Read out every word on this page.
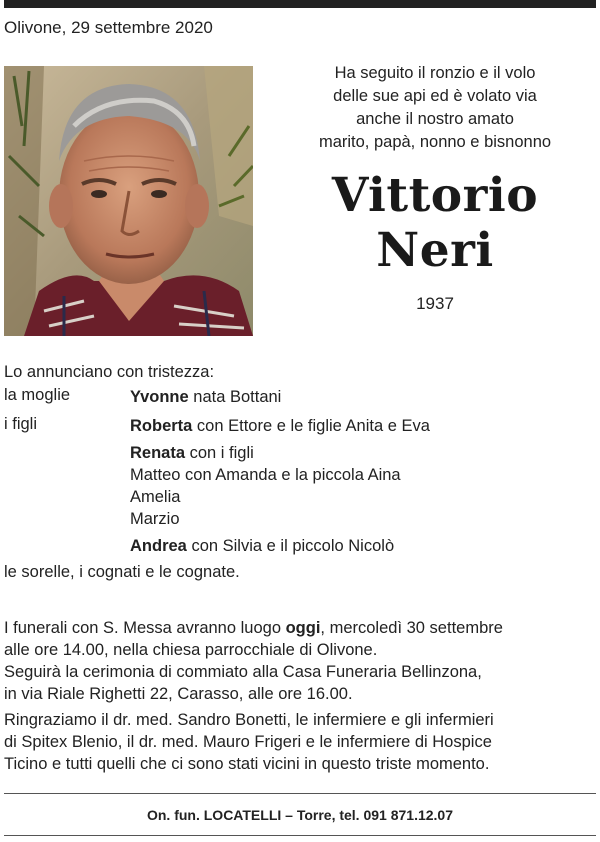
Olivone, 29 settembre 2020
Ha seguito il ronzio e il volo
delle sue api ed è volato via
anche il nostro amato
marito, papà, nonno e bisnonno
Vittorio
Neri
1937
Lo annunciano con tristezza:
la moglie	Yvonne nata Bottani
i figli	Roberta con Ettore e le figlie Anita e Eva
Renata con i figli
Matteo con Amanda e la piccola Aina
Amelia
Marzio
Andrea con Silvia e il piccolo Nicolò
le sorelle, i cognati e le cognate.
I funerali con S. Messa avranno luogo oggi, mercoledì 30 settembre
alle ore 14.00, nella chiesa parrocchiale di Olivone.
Seguirà la cerimonia di commiato alla Casa Funeraria Bellinzona,
in via Riale Righetti 22, Carasso, alle ore 16.00.
Ringraziamo il dr. med. Sandro Bonetti, le infermiere e gli infermieri
di Spitex Blenio, il dr. med. Mauro Frigeri e le infermiere di Hospice
Ticino e tutti quelli che ci sono stati vicini in questo triste momento.
On. fun. LOCATELLI – Torre, tel. 091 871.12.07
